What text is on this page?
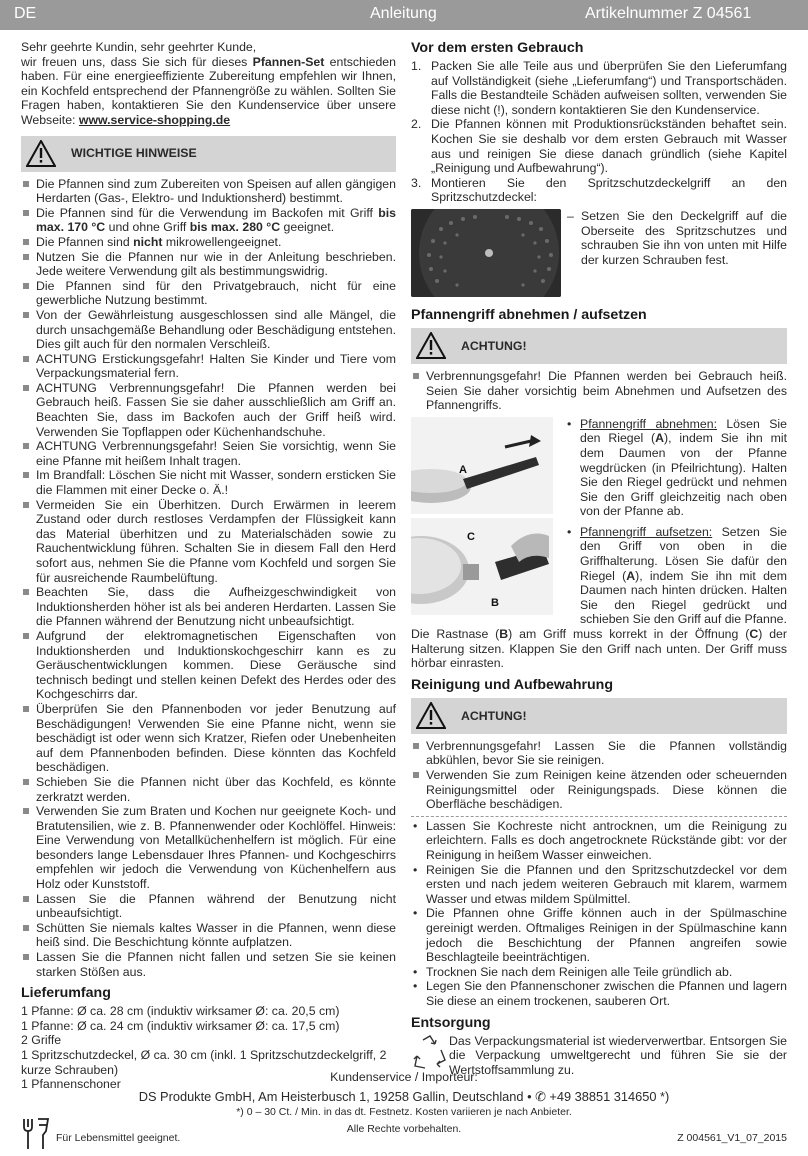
DE	Anleitung	Artikelnummer Z 04561

Sehr geehrte Kundin, sehr geehrter Kunde,

wir freuen uns, dass Sie sich für dieses Pfannen-Set entschieden haben. Für eine energieeffiziente Zubereitung empfehlen wir Ihnen, ein Kochfeld entsprechend der Pfannengröße zu wählen. Sollten Sie Fragen haben, kontaktieren Sie den Kundenservice über unsere Webseite: www.service-shopping.de

WICHTIGE HINWEISE
Die Pfannen sind zum Zubereiten von Speisen auf allen gängigen Herdarten (Gas-, Elektro- und Induktionsherd) bestimmt.
Die Pfannen sind für die Verwendung im Backofen mit Griff bis max. 170 °C und ohne Griff bis max. 280 °C geeignet.
Die Pfannen sind nicht mikrowellengeeignet.
Nutzen Sie die Pfannen nur wie in der Anleitung beschrieben. Jede weitere Verwendung gilt als bestimmungswidrig.
Die Pfannen sind für den Privatgebrauch, nicht für eine gewerbliche Nutzung bestimmt.
Von der Gewährleistung ausgeschlossen sind alle Mängel, die durch unsachgemäße Behandlung oder Beschädigung entstehen. Dies gilt auch für den normalen Verschleiß.
ACHTUNG Erstickungsgefahr! Halten Sie Kinder und Tiere vom Verpackungsmaterial fern.
ACHTUNG Verbrennungsgefahr! Die Pfannen werden bei Gebrauch heiß. Fassen Sie sie daher ausschließlich am Griff an. Beachten Sie, dass im Backofen auch der Griff heiß wird. Verwenden Sie Topflappen oder Küchenhandschuhe.
ACHTUNG Verbrennungsgefahr! Seien Sie vorsichtig, wenn Sie eine Pfanne mit heißem Inhalt tragen.
Im Brandfall: Löschen Sie nicht mit Wasser, sondern ersticken Sie die Flammen mit einer Decke o. Ä.!
Vermeiden Sie ein Überhitzen. Durch Erwärmen in leerem Zustand oder durch restloses Verdampfen der Flüssigkeit kann das Material überhitzen und zu Materialschäden sowie zu Rauchentwicklung führen. Schalten Sie in diesem Fall den Herd sofort aus, nehmen Sie die Pfanne vom Kochfeld und sorgen Sie für ausreichende Raumbelüftung.
Beachten Sie, dass die Aufheizgeschwindigkeit von Induktionsherden höher ist als bei anderen Herdarten. Lassen Sie die Pfannen während der Benutzung nicht unbeaufsichtigt.
Aufgrund der elektromagnetischen Eigenschaften von Induktionsherden und Induktionskochgeschirr kann es zu Geräuschentwicklungen kommen. Diese Geräusche sind technisch bedingt und stellen keinen Defekt des Herdes oder des Kochgeschirrs dar.
Überprüfen Sie den Pfannenboden vor jeder Benutzung auf Beschädigungen! Verwenden Sie eine Pfanne nicht, wenn sie beschädigt ist oder wenn sich Kratzer, Riefen oder Unebenheiten auf dem Pfannenboden befinden. Diese könnten das Kochfeld beschädigen.
Schieben Sie die Pfannen nicht über das Kochfeld, es könnte zerkratzt werden.
Verwenden Sie zum Braten und Kochen nur geeignete Koch- und Bratutensilien, wie z. B. Pfannenwender oder Kochlöffel. Hinweis: Eine Verwendung von Metallküchenhelfern ist möglich. Für eine besonders lange Lebensdauer Ihres Pfannen- und Kochgeschirrs empfehlen wir jedoch die Verwendung von Küchenhelfern aus Holz oder Kunststoff.
Lassen Sie die Pfannen während der Benutzung nicht unbeaufsichtigt.
Schütten Sie niemals kaltes Wasser in die Pfannen, wenn diese heiß sind. Die Beschichtung könnte aufplatzen.
Lassen Sie die Pfannen nicht fallen und setzen Sie sie keinen starken Stößen aus.
Lieferumfang

1 Pfanne: Ø ca. 28 cm (induktiv wirksamer Ø: ca. 20,5 cm)

1 Pfanne: Ø ca. 24 cm (induktiv wirksamer Ø: ca. 17,5 cm)

2 Griffe

1 Spritzschutzdeckel, Ø ca. 30 cm (inkl. 1 Spritzschutzdeckelgriff, 2 kurze Schrauben)

1 Pfannenschoner

Vor dem ersten Gebrauch
1. Packen Sie alle Teile aus und überprüfen Sie den Lieferumfang auf Vollständigkeit (siehe „Lieferumfang“) und Transportschäden. Falls die Bestandteile Schäden aufweisen sollten, verwenden Sie diese nicht (!), sondern kontaktieren Sie den Kundenservice.
2. Die Pfannen können mit Produktionsrückständen behaftet sein. Kochen Sie sie deshalb vor dem ersten Gebrauch mit Wasser aus und reinigen Sie diese danach gründlich (siehe Kapitel „Reinigung und Aufbewahrung“).
3. Montieren Sie den Spritzschutzdeckelgriff an den Spritzschutzdeckel:

– Setzen Sie den Deckelgriff auf die Oberseite des Spritzschutzes und schrauben Sie ihn von unten mit Hilfe der kurzen Schrauben fest.

Pfannengriff abnehmen / aufsetzen
ACHTUNG!
Verbrennungsgefahr! Die Pfannen werden bei Gebrauch heiß. Seien Sie daher vorsichtig beim Abnehmen und Aufsetzen des Pfannengriffs.
A
C
B
• Pfannengriff abnehmen: Lösen Sie den Riegel (A), indem Sie ihn mit dem Daumen von der Pfanne wegdrücken (in Pfeilrichtung). Halten Sie den Riegel gedrückt und nehmen Sie den Griff gleichzeitig nach oben von der Pfanne ab.
• Pfannengriff aufsetzen: Setzen Sie den Griff von oben in die Griffhalterung. Lösen Sie dafür den Riegel (A), indem Sie ihn mit dem Daumen nach hinten drücken. Halten Sie den Riegel gedrückt und schieben Sie den Griff auf die Pfanne.

Die Rastnase (B) am Griff muss korrekt in der Öffnung (C) der Halterung sitzen. Klappen Sie den Griff nach unten. Der Griff muss hörbar einrasten.

Reinigung und Aufbewahrung
ACHTUNG!
Verbrennungsgefahr! Lassen Sie die Pfannen vollständig abkühlen, bevor Sie sie reinigen.
Verwenden Sie zum Reinigen keine ätzenden oder scheuernden Reinigungsmittel oder Reinigungspads. Diese können die Oberfläche beschädigen.
• Lassen Sie Kochreste nicht antrocknen, um die Reinigung zu erleichtern. Falls es doch angetrocknete Rückstände gibt: vor der Reinigung in heißem Wasser einweichen.
• Reinigen Sie die Pfannen und den Spritzschutzdeckel vor dem ersten und nach jedem weiteren Gebrauch mit klarem, warmem Wasser und etwas mildem Spülmittel.
• Die Pfannen ohne Griffe können auch in der Spülmaschine gereinigt werden. Oftmaliges Reinigen in der Spülmaschine kann jedoch die Beschichtung der Pfannen angreifen sowie Beschlagteile beeinträchtigen.
• Trocknen Sie nach dem Reinigen alle Teile gründlich ab.
• Legen Sie den Pfannenschoner zwischen die Pfannen und lagern Sie diese an einem trockenen, sauberen Ort.
Entsorgung

Das Verpackungsmaterial ist wiederverwertbar. Entsorgen Sie die Verpackung umweltgerecht und führen Sie sie der Wertstoffsammlung zu.

Kundenservice / Importeur:
DS Produkte GmbH, Am Heisterbusch 1, 19258 Gallin, Deutschland • ✆ +49 38851 314650 *)
*) 0 – 30 Ct. / Min. in das dt. Festnetz. Kosten variieren je nach Anbieter.
Alle Rechte vorbehalten.
Für Lebensmittel geeignet.	Z 004561_V1_07_2015
